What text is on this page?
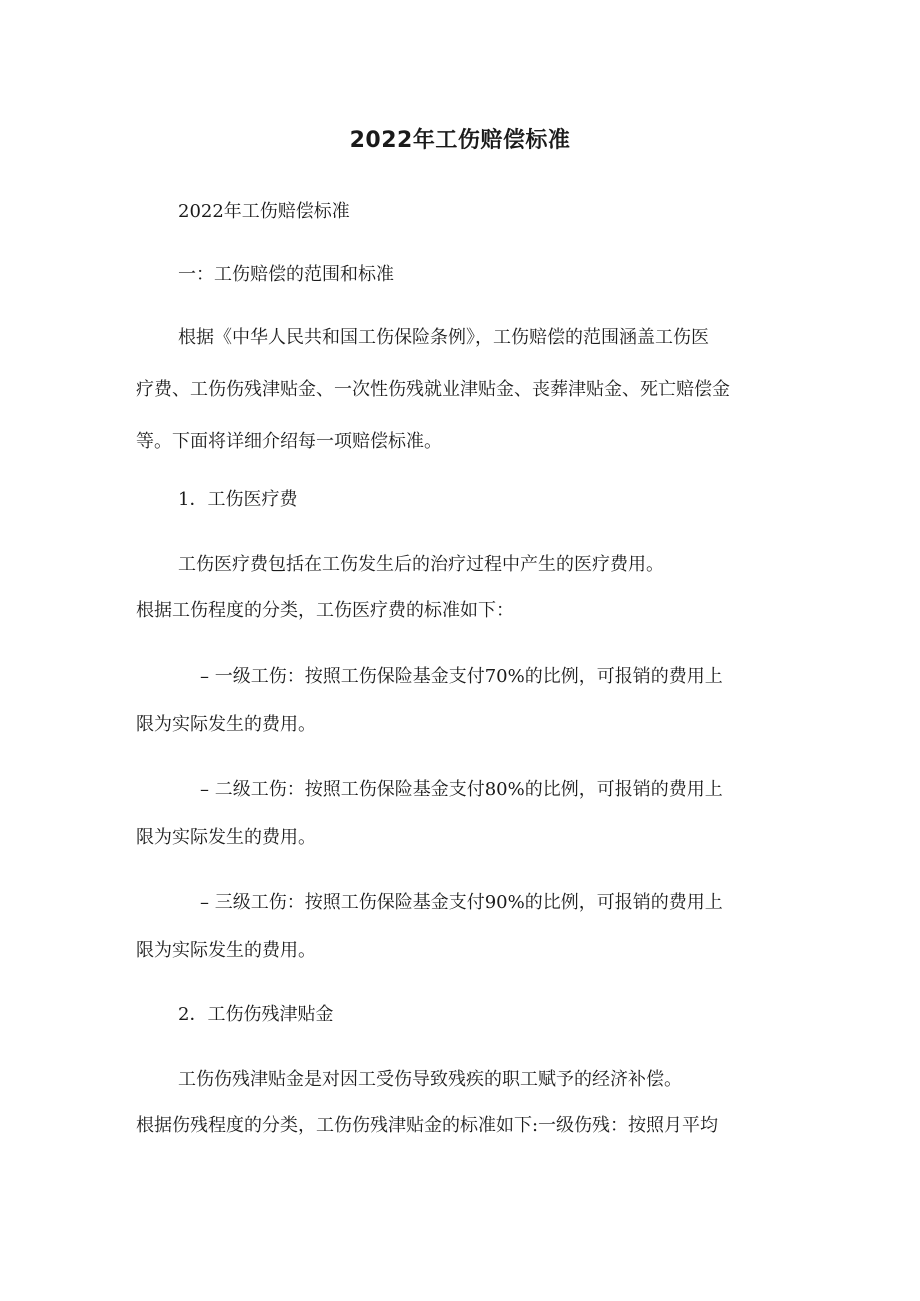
2022年工伤赔偿标准
2022年工伤赔偿标准
一：工伤赔偿的范围和标准
根据《中华人民共和国工伤保险条例》，工伤赔偿的范围涵盖工伤医
疗费、工伤伤残津贴金、一次性伤残就业津贴金、丧葬津贴金、死亡赔偿金
等。下面将详细介绍每一项赔偿标准。
1．工伤医疗费
工伤医疗费包括在工伤发生后的治疗过程中产生的医疗费用。
根据工伤程度的分类，工伤医疗费的标准如下：
– 一级工伤：按照工伤保险基金支付70%的比例，可报销的费用上
限为实际发生的费用。
– 二级工伤：按照工伤保险基金支付80%的比例，可报销的费用上
限为实际发生的费用。
– 三级工伤：按照工伤保险基金支付90%的比例，可报销的费用上
限为实际发生的费用。
2．工伤伤残津贴金
工伤伤残津贴金是对因工受伤导致残疾的职工赋予的经济补偿。
根据伤残程度的分类，工伤伤残津贴金的标准如下:一级伤残：按照月平均
